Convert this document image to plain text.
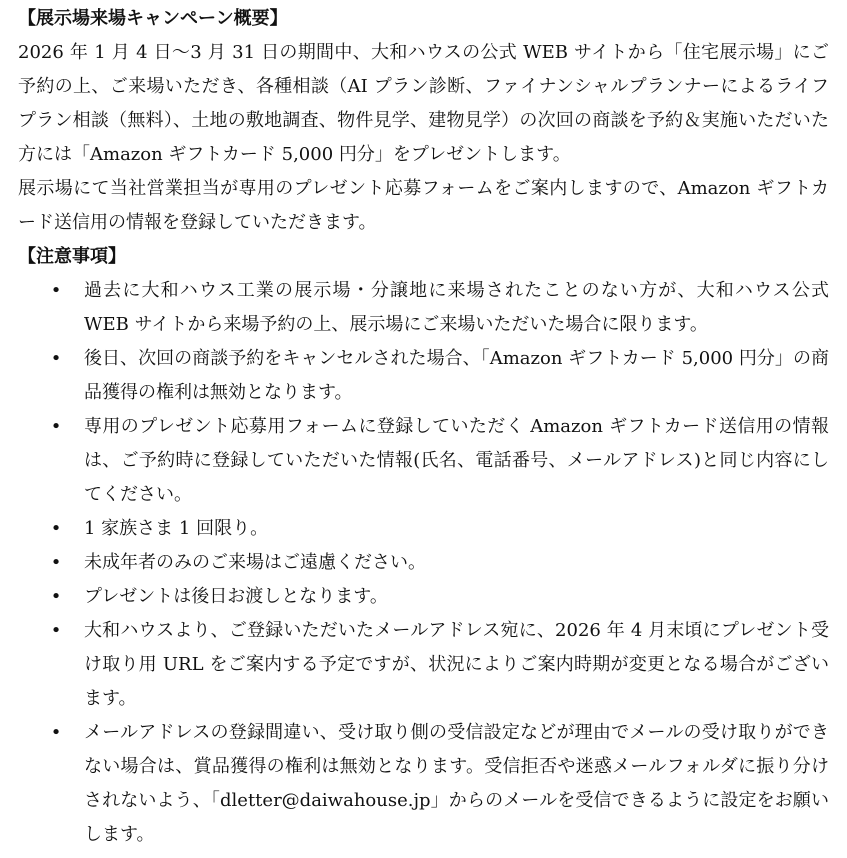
【展示場来場キャンペーン概要】

2026 年 1 月 4 日～3 月 31 日の期間中、大和ハウスの公式 WEB サイトから「住宅展示場」にご予約の上、ご来場いただき、各種相談（AI プラン診断、ファイナンシャルプランナーによるライフプラン相談（無料）、土地の敷地調査、物件見学、建物見学）の次回の商談を予約＆実施いただいた方には「Amazon ギフトカード 5,000 円分」をプレゼントします。

展示場にて当社営業担当が専用のプレゼント応募フォームをご案内しますので、Amazon ギフトカード送信用の情報を登録していただきます。

【注意事項】
• 過去に大和ハウス工業の展示場・分譲地に来場されたことのない方が、大和ハウス公式 WEB サイトから来場予約の上、展示場にご来場いただいた場合に限ります。
• 後日、次回の商談予約をキャンセルされた場合、「Amazon ギフトカード 5,000 円分」の商品獲得の権利は無効となります。
• 専用のプレゼント応募用フォームに登録していただく Amazon ギフトカード送信用の情報は、ご予約時に登録していただいた情報(氏名、電話番号、メールアドレス)と同じ内容にしてください。
• 1 家族さま 1 回限り。
• 未成年者のみのご来場はご遠慮ください。
• プレゼントは後日お渡しとなります。
• 大和ハウスより、ご登録いただいたメールアドレス宛に、2026 年 4 月末頃にプレゼント受け取り用 URL をご案内する予定ですが、状況によりご案内時期が変更となる場合がございます。
• メールアドレスの登録間違い、受け取り側の受信設定などが理由でメールの受け取りができない場合は、賞品獲得の権利は無効となります。受信拒否や迷惑メールフォルダに振り分けされないよう、「dletter@daiwahouse.jp」からのメールを受信できるように設定をお願いします。
